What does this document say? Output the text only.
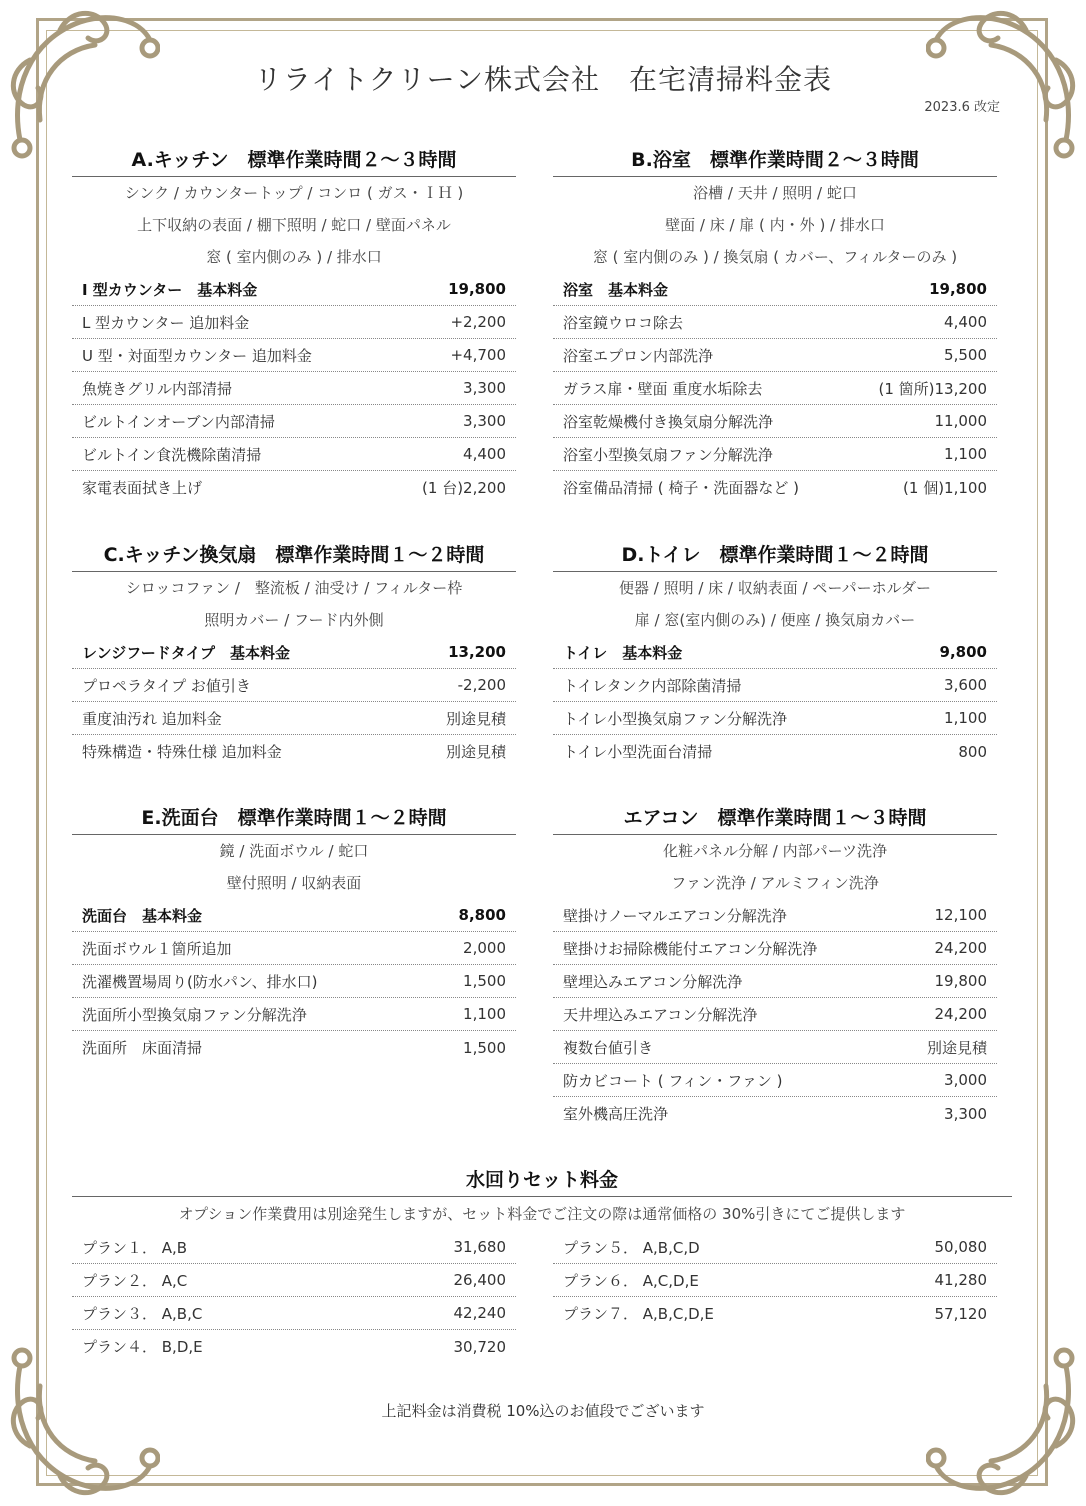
リライトクリーン株式会社　在宅清掃料金表
2023.6 改定
A.キッチン　標準作業時間２～３時間
シンク / カウンタートップ / コンロ ( ガス・ＩＨ )
上下収納の表面 / 棚下照明 / 蛇口 / 壁面パネル
窓 ( 室内側のみ ) / 排水口
I 型カウンター　基本料金	19,800
L 型カウンター 追加料金	+2,200
U 型・対面型カウンター 追加料金	+4,700
魚焼きグリル内部清掃	3,300
ビルトインオーブン内部清掃	3,300
ビルトイン食洗機除菌清掃	4,400
家電表面拭き上げ	(1 台)2,200
B.浴室　標準作業時間２～３時間
浴槽 / 天井 / 照明 / 蛇口
壁面 / 床 / 扉 ( 内・外 ) / 排水口
窓 ( 室内側のみ ) / 換気扇 ( カバー、フィルターのみ )
浴室　基本料金	19,800
浴室鏡ウロコ除去	4,400
浴室エプロン内部洗浄	5,500
ガラス扉・壁面 重度水垢除去	(1 箇所)13,200
浴室乾燥機付き換気扇分解洗浄	11,000
浴室小型換気扇ファン分解洗浄	1,100
浴室備品清掃 ( 椅子・洗面器など )	(1 個)1,100
C.キッチン換気扇　標準作業時間１～２時間
シロッコファン /　整流板 / 油受け / フィルター枠
照明カバー / フード内外側
レンジフードタイプ　基本料金	13,200
プロペラタイプ お値引き	-2,200
重度油汚れ 追加料金	別途見積
特殊構造・特殊仕様 追加料金	別途見積
D.トイレ　標準作業時間１～２時間
便器 / 照明 / 床 / 収納表面 / ペーパーホルダー
扉 / 窓(室内側のみ) / 便座 / 換気扇カバー
トイレ　基本料金	9,800
トイレタンク内部除菌清掃	3,600
トイレ小型換気扇ファン分解洗浄	1,100
トイレ小型洗面台清掃	800
E.洗面台　標準作業時間１～２時間
鏡 / 洗面ボウル / 蛇口
壁付照明 / 収納表面
洗面台　基本料金	8,800
洗面ボウル１箇所追加	2,000
洗濯機置場周り(防水パン、排水口)	1,500
洗面所小型換気扇ファン分解洗浄	1,100
洗面所　床面清掃	1,500
エアコン　標準作業時間１～３時間
化粧パネル分解 / 内部パーツ洗浄
ファン洗浄 / アルミフィン洗浄
壁掛けノーマルエアコン分解洗浄	12,100
壁掛けお掃除機能付エアコン分解洗浄	24,200
壁埋込みエアコン分解洗浄	19,800
天井埋込みエアコン分解洗浄	24,200
複数台値引き	別途見積
防カビコート ( フィン・ファン )	3,000
室外機高圧洗浄	3,300
水回りセット料金
オプション作業費用は別途発生しますが、セット料金でご注文の際は通常価格の 30%引きにてご提供します
プラン１． A,B	31,680
プラン２． A,C	26,400
プラン３． A,B,C	42,240
プラン４． B,D,E	30,720
プラン５． A,B,C,D	50,080
プラン６． A,C,D,E	41,280
プラン７． A,B,C,D,E	57,120
上記料金は消費税 10%込のお値段でございます
